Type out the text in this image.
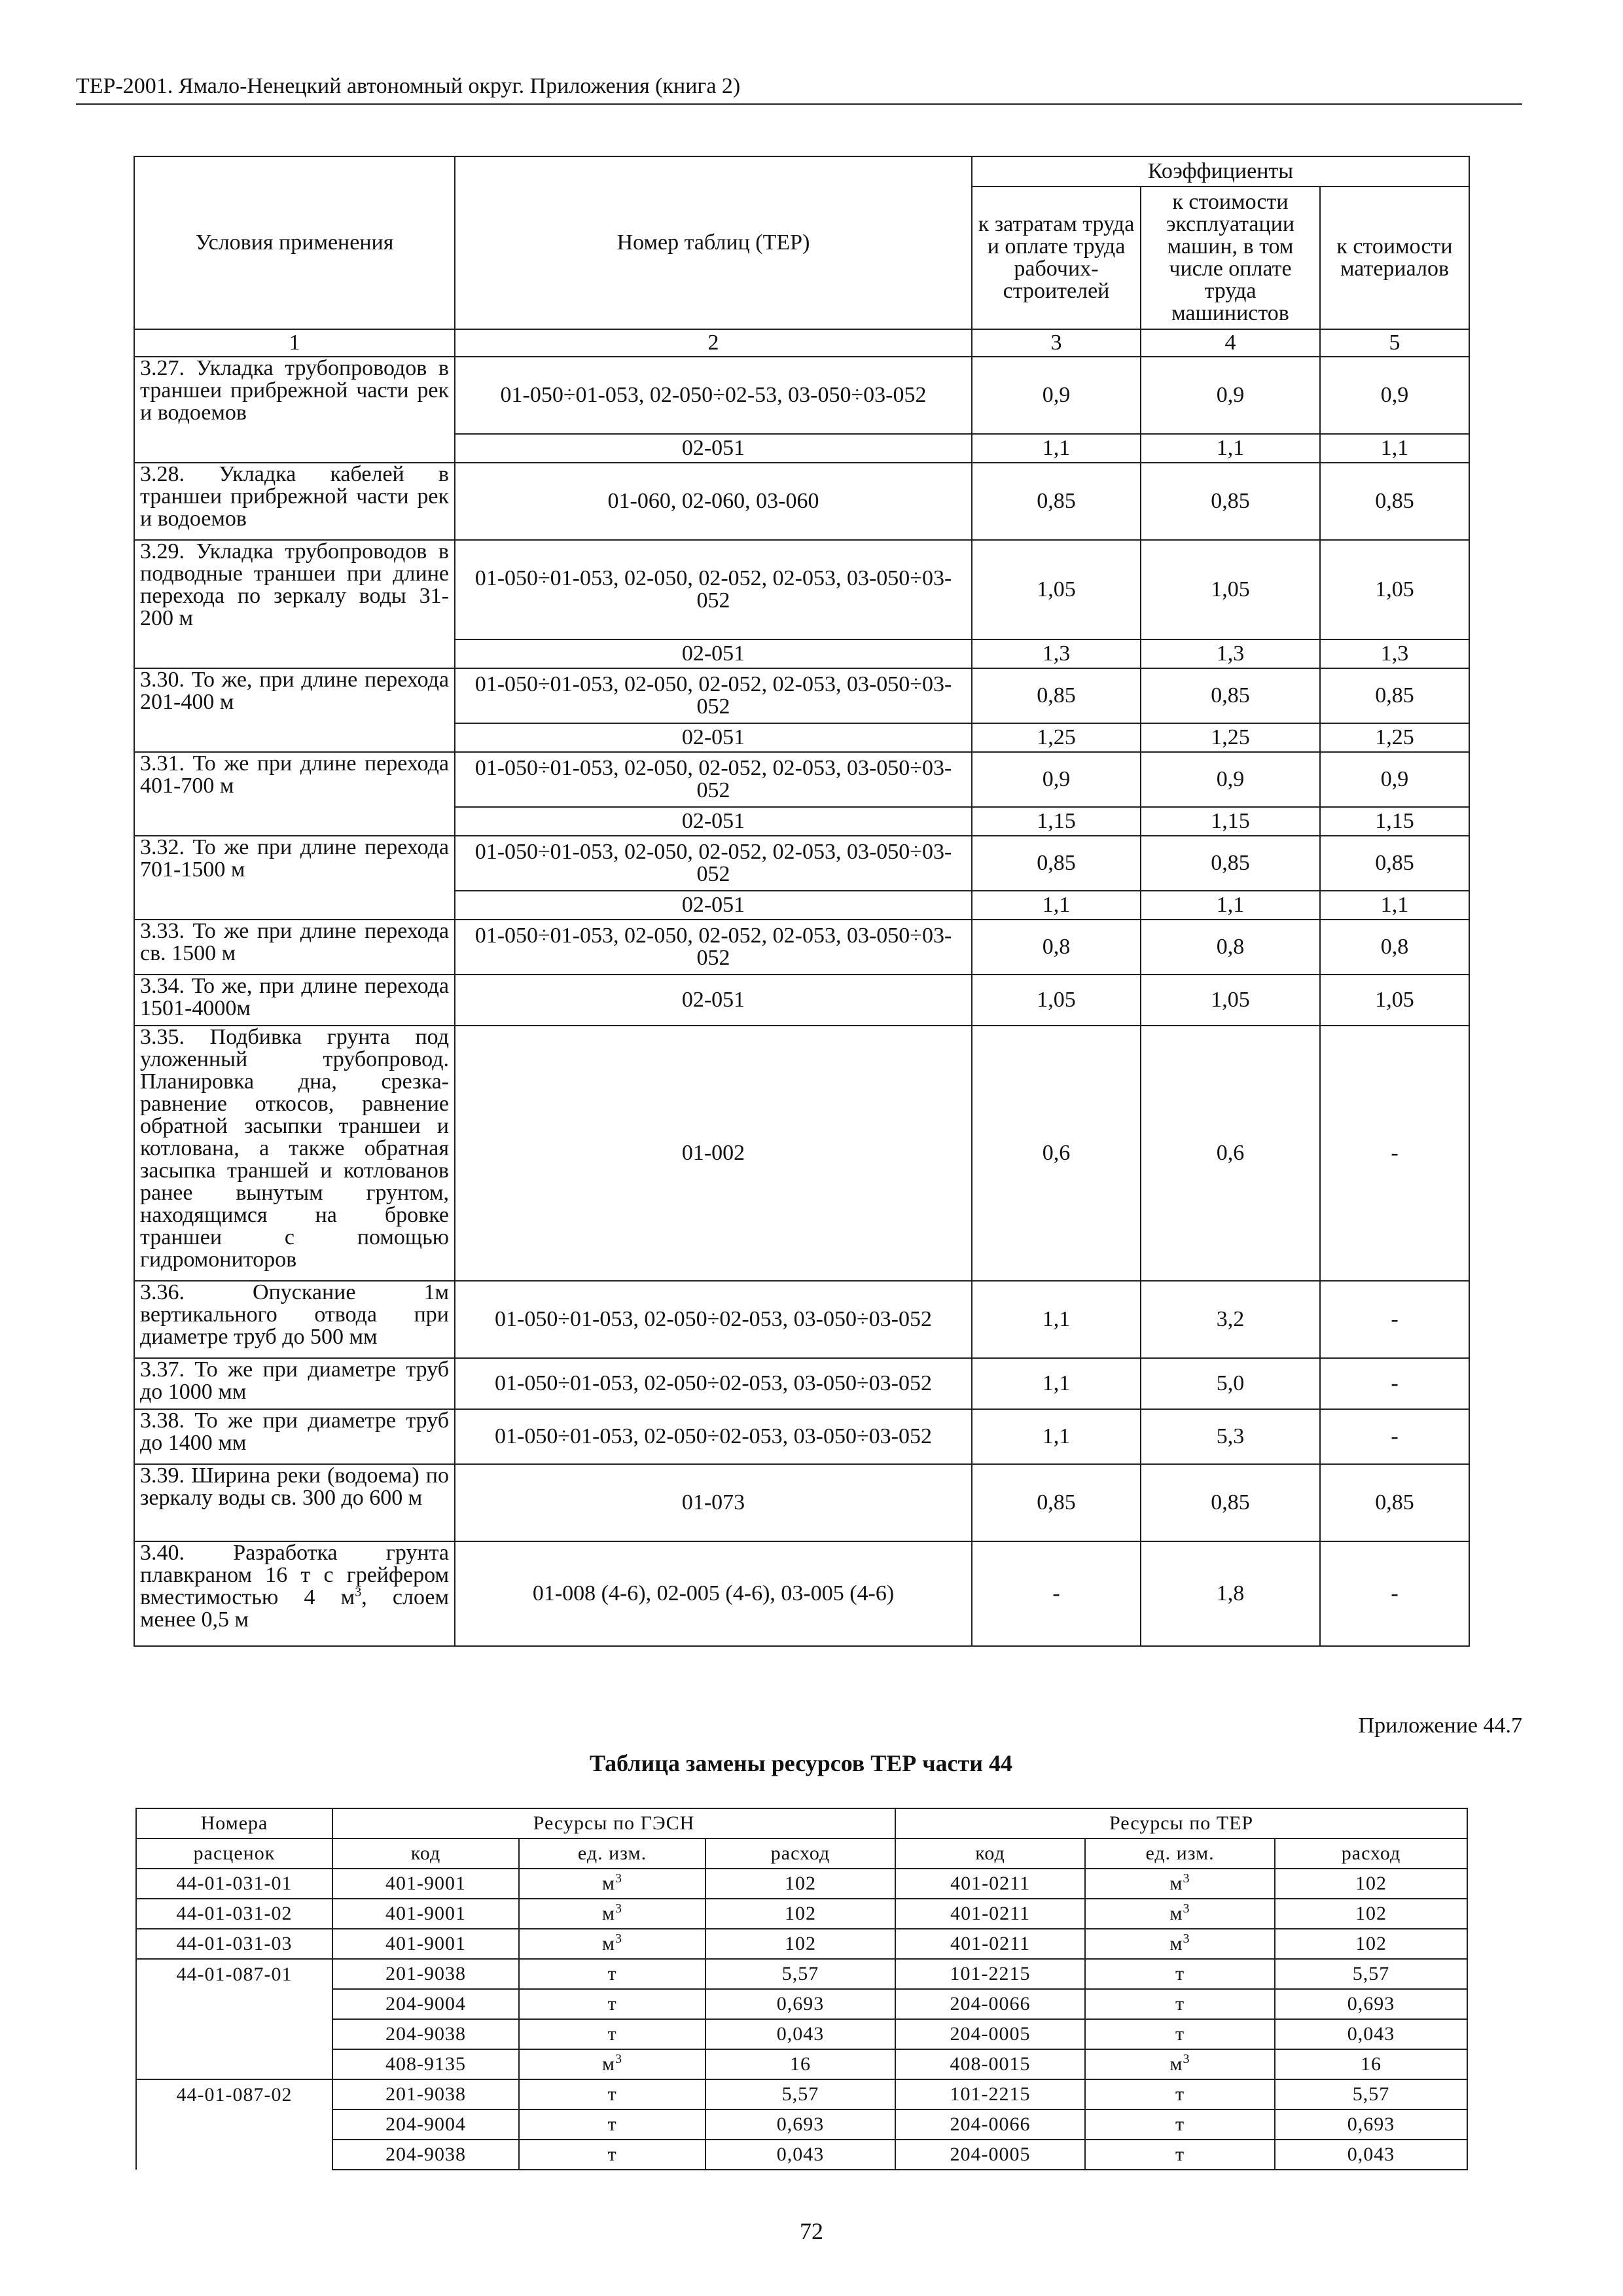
ТЕР-2001. Ямало-Ненецкий автономный округ. Приложения (книга 2)
Условия применения	Номер таблиц (ТЕР)	Коэффициенты		
		к затратам труда и оплате труда рабочих-строителей	к стоимости эксплуатации машин, в том числе оплате труда машинистов	к стоимости материалов
1	2	3	4	5
3.27. Укладка трубопроводов в траншеи прибрежной части рек и водоемов	01-050÷01-053, 02-050÷02-53, 03-050÷03-052	0,9	0,9	0,9
	02-051	1,1	1,1	1,1
3.28. Укладка кабелей в траншеи прибрежной части рек и водоемов	01-060, 02-060, 03-060	0,85	0,85	0,85
3.29. Укладка трубопроводов в подводные траншеи при длине перехода по зеркалу воды 31-200 м	01-050÷01-053, 02-050, 02-052, 02-053, 03-050÷03-052	1,05	1,05	1,05
	02-051	1,3	1,3	1,3
3.30. То же, при длине перехода 201-400 м	01-050÷01-053, 02-050, 02-052, 02-053, 03-050÷03-052	0,85	0,85	0,85
	02-051	1,25	1,25	1,25
3.31. То же при длине перехода 401-700 м	01-050÷01-053, 02-050, 02-052, 02-053, 03-050÷03-052	0,9	0,9	0,9
	02-051	1,15	1,15	1,15
3.32. То же при длине перехода 701-1500 м	01-050÷01-053, 02-050, 02-052, 02-053, 03-050÷03-052	0,85	0,85	0,85
	02-051	1,1	1,1	1,1
3.33. То же при длине перехода св. 1500 м	01-050÷01-053, 02-050, 02-052, 02-053, 03-050÷03-052	0,8	0,8	0,8
3.34. То же, при длине перехода 1501-4000м	02-051	1,05	1,05	1,05
3.35. Подбивка грунта под уложенный трубопровод. Планировка дна, срезка-равнение откосов, равнение обратной засыпки траншеи и котлована, а также обратная засыпка траншей и котлованов ранее вынутым грунтом, находящимся на бровке траншеи с помощью гидромониторов	01-002	0,6	0,6	-
3.36. Опускание 1м вертикального отвода при диаметре труб до 500 мм	01-050÷01-053, 02-050÷02-053, 03-050÷03-052	1,1	3,2	-
3.37. То же при диаметре труб до 1000 мм	01-050÷01-053, 02-050÷02-053, 03-050÷03-052	1,1	5,0	-
3.38. То же при диаметре труб до 1400 мм	01-050÷01-053, 02-050÷02-053, 03-050÷03-052	1,1	5,3	-
3.39. Ширина реки (водоема) по зеркалу воды св. 300 до 600 м	01-073	0,85	0,85	0,85
3.40. Разработка грунта плавкраном 16 т с грейфером вместимостью 4 $м^3$, слоем менее 0,5 м	01-008 (4-6), 02-005 (4-6), 03-005 (4-6)	-	1,8	-
Приложение 44.7
Таблица замены ресурсов ТЕР части 44
Номера	Ресурсы по ГЭСН			Ресурсы по ТЕР		
расценок	код	ед. изм.	расход	код	ед. изм.	расход
44-01-031-01	401-9001	$м^3$	102	401-0211	$м^3$	102
44-01-031-02	401-9001	$м^3$	102	401-0211	$м^3$	102
44-01-031-03	401-9001	$м^3$	102	401-0211	$м^3$	102
44-01-087-01	201-9038	т	5,57	101-2215	т	5,57
	204-9004	т	0,693	204-0066	т	0,693
	204-9038	т	0,043	204-0005	т	0,043
	408-9135	$м^3$	16	408-0015	$м^3$	16
44-01-087-02	201-9038	т	5,57	101-2215	т	5,57
	204-9004	т	0,693	204-0066	т	0,693
	204-9038	т	0,043	204-0005	т	0,043
72
